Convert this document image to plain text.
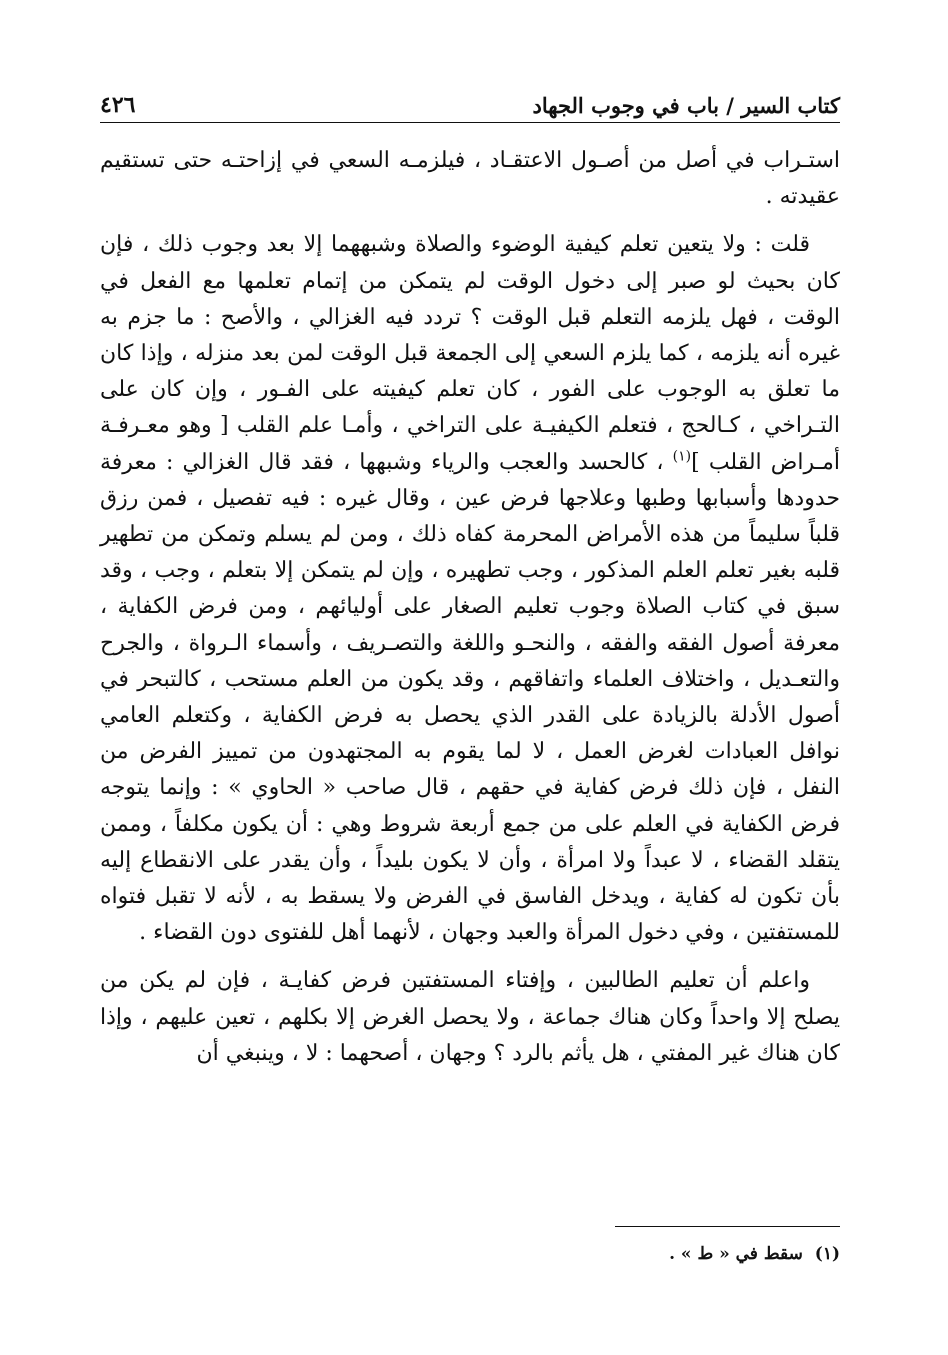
كتاب السير / باب في وجوب الجهاد
٤٢٦

استـراب في أصل من أصـول الاعتقـاد ، فيلزمـه السعي في إزاحتـه حتى تستقيم عقيدته .

قلت : ولا يتعين تعلم كيفية الوضوء والصلاة وشبههما إلا بعد وجوب ذلك ، فإن كان بحيث لو صبر إلى دخول الوقت لم يتمكن من إتمام تعلمها مع الفعل في الوقت ، فهل يلزمه التعلم قبل الوقت ؟ تردد فيه الغزالي ، والأصح : ما جزم به غيره أنه يلزمه ، كما يلزم السعي إلى الجمعة قبل الوقت لمن بعد منزله ، وإذا كان ما تعلق به الوجوب على الفور ، كان تعلم كيفيته على الفـور ، وإن كان على التـراخي ، كـالحج ، فتعلم الكيفيـة على التراخي ، وأمـا علم القلب [ وهو معـرفـة أمـراض القلب ]$^{(١)}$ ، كالحسد والعجب والرياء وشبهها ، فقد قال الغزالي : معرفة حدودها وأسبابها وطبها وعلاجها فرض عين ، وقال غيره : فيه تفصيل ، فمن رزق قلباً سليماً من هذه الأمراض المحرمة كفاه ذلك ، ومن لم يسلم وتمكن من تطهير قلبه بغير تعلم العلم المذكور ، وجب تطهيره ، وإن لم يتمكن إلا بتعلم ، وجب ، وقد سبق في كتاب الصلاة وجوب تعليم الصغار على أوليائهم ، ومن فرض الكفاية ، معرفة أصول الفقه والفقه ، والنحـو واللغة والتصـريف ، وأسماء الـرواة ، والجرح والتعـديل ، واختلاف العلماء واتفاقهم ، وقد يكون من العلم مستحب ، كالتبحر في أصول الأدلة بالزيادة على القدر الذي يحصل به فرض الكفاية ، وكتعلم العامي نوافل العبادات لغرض العمل ، لا لما يقوم به المجتهدون من تمييز الفرض من النفل ، فإن ذلك فرض كفاية في حقهم ، قال صاحب « الحاوي » : وإنما يتوجه فرض الكفاية في العلم على من جمع أربعة شروط وهي : أن يكون مكلفاً ، وممن يتقلد القضاء ، لا عبداً ولا امرأة ، وأن لا يكون بليداً ، وأن يقدر على الانقطاع إليه بأن تكون له كفاية ، ويدخل الفاسق في الفرض ولا يسقط به ، لأنه لا تقبل فتواه للمستفتين ، وفي دخول المرأة والعبد وجهان ، لأنهما أهل للفتوى دون القضاء .

واعلم أن تعليم الطالبين ، وإفتاء المستفتين فرض كفايـة ، فإن لم يكن من يصلح إلا واحداً وكان هناك جماعة ، ولا يحصل الغرض إلا بكلهم ، تعين عليهم ، وإذا كان هناك غير المفتي ، هل يأثم بالرد ؟ وجهان ، أصحهما : لا ، وينبغي أن

(١) سقط في « ط » .
